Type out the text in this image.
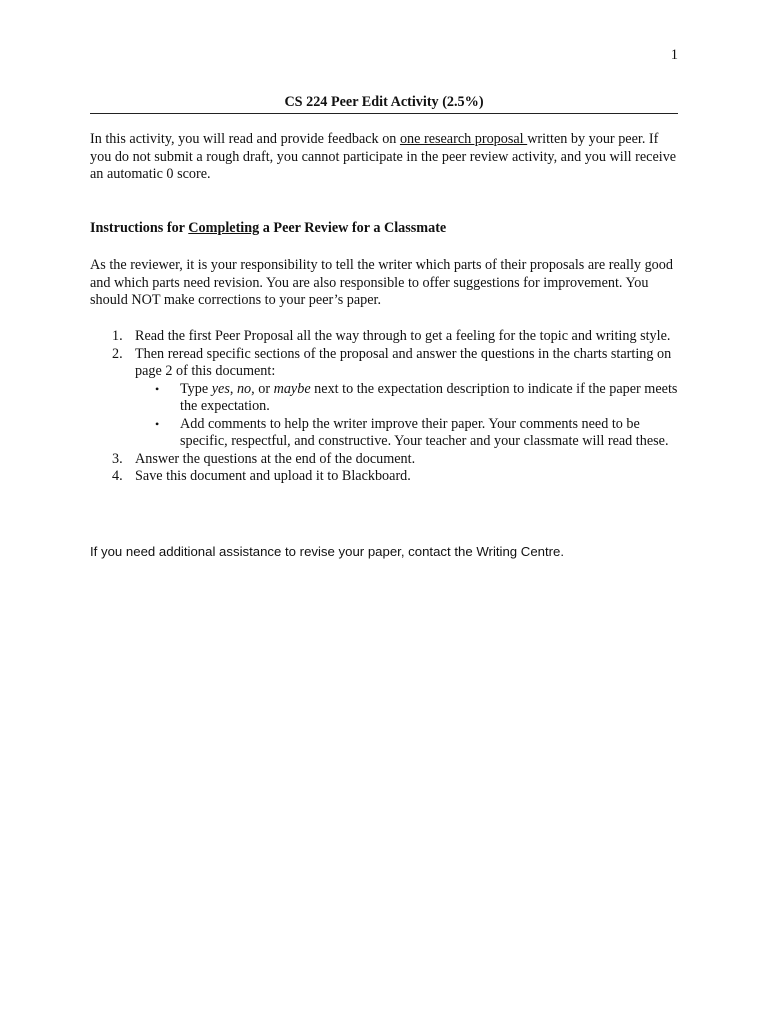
1
CS 224 Peer Edit Activity (2.5%)

In this activity, you will read and provide feedback on one research proposal written by your peer. If you do not submit a rough draft, you cannot participate in the peer review activity, and you will receive an automatic 0 score.

Instructions for Completing a Peer Review for a Classmate

As the reviewer, it is your responsibility to tell the writer which parts of their proposals are really good and which parts need revision. You are also responsible to offer suggestions for improvement. You should NOT make corrections to your peer’s paper.

1. Read the first Peer Proposal all the way through to get a feeling for the topic and writing style.
2. Then reread specific sections of the proposal and answer the questions in the charts starting on page 2 of this document:
• Type yes, no, or maybe next to the expectation description to indicate if the paper meets the expectation.
• Add comments to help the writer improve their paper. Your comments need to be specific, respectful, and constructive. Your teacher and your classmate will read these.
3. Answer the questions at the end of the document.
4. Save this document and upload it to Blackboard.

If you need additional assistance to revise your paper, contact the Writing Centre.
